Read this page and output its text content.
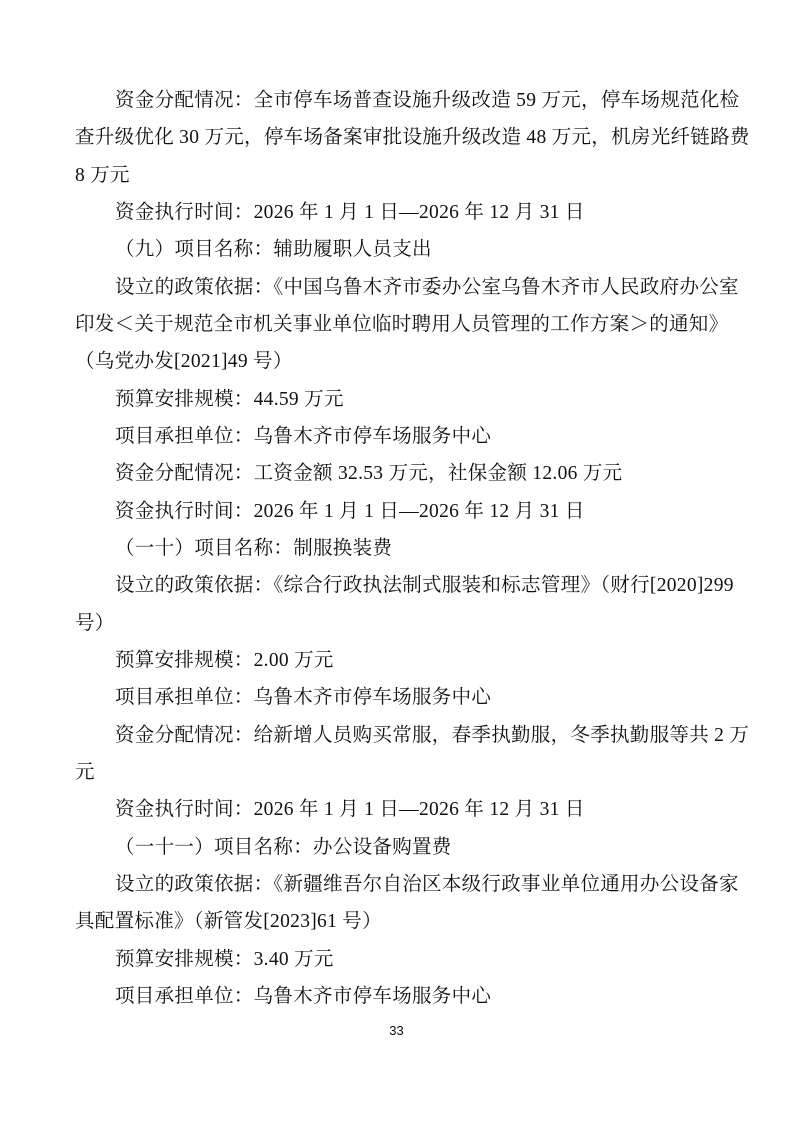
资金分配情况：全市停车场普查设施升级改造 59 万元，停车场规范化检
查升级优化 30 万元，停车场备案审批设施升级改造 48 万元，机房光纤链路费
8 万元
资金执行时间：2026 年 1 月 1 日—2026 年 12 月 31 日
（九）项目名称：辅助履职人员支出
设立的政策依据：《中国乌鲁木齐市委办公室乌鲁木齐市人民政府办公室
印发＜关于规范全市机关事业单位临时聘用人员管理的工作方案＞的通知》
（乌党办发[2021]49 号）
预算安排规模：44.59 万元
项目承担单位：乌鲁木齐市停车场服务中心
资金分配情况：工资金额 32.53 万元，社保金额 12.06 万元
资金执行时间：2026 年 1 月 1 日—2026 年 12 月 31 日
（一十）项目名称：制服换装费
设立的政策依据：《综合行政执法制式服装和标志管理》（财行[2020]299
号）
预算安排规模：2.00 万元
项目承担单位：乌鲁木齐市停车场服务中心
资金分配情况：给新增人员购买常服，春季执勤服，冬季执勤服等共 2 万
元
资金执行时间：2026 年 1 月 1 日—2026 年 12 月 31 日
（一十一）项目名称：办公设备购置费
设立的政策依据：《新疆维吾尔自治区本级行政事业单位通用办公设备家
具配置标准》（新管发[2023]61 号）
预算安排规模：3.40 万元
项目承担单位：乌鲁木齐市停车场服务中心
33
